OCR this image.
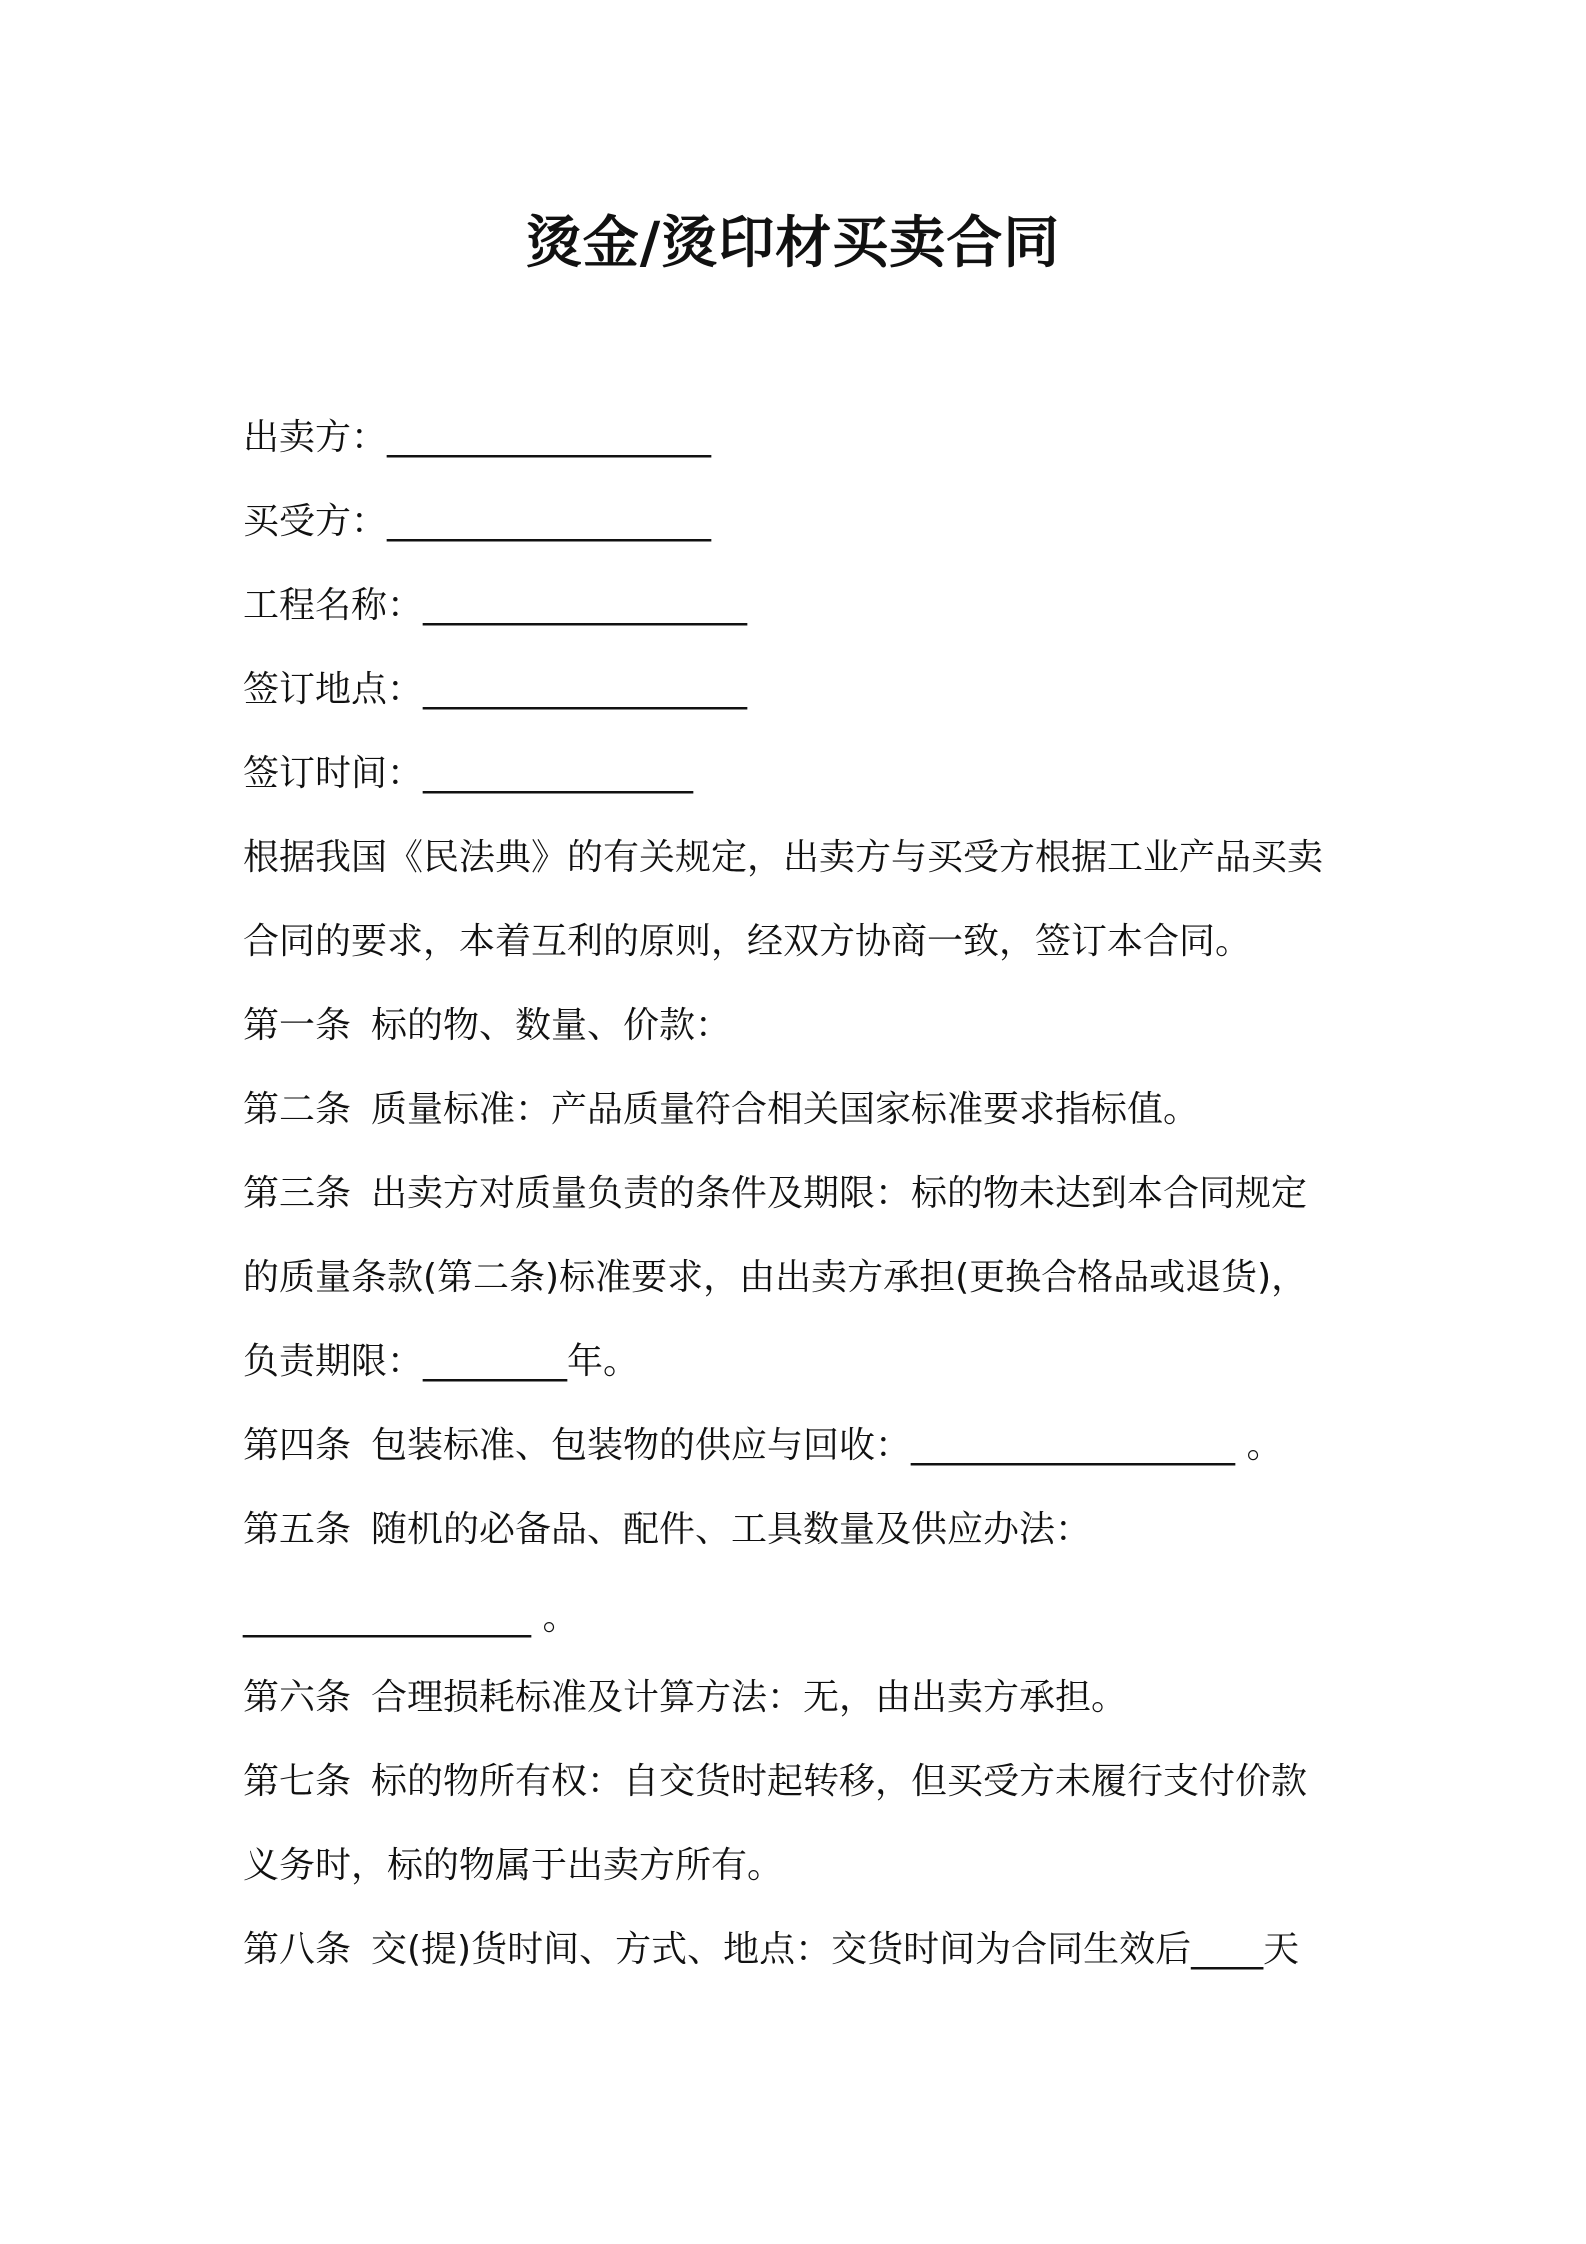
烫金/烫印材买卖合同
出卖方：__________________
买受方：__________________
工程名称：__________________
签订地点：__________________
签订时间：_______________
根据我国《民法典》的有关规定，出卖方与买受方根据工业产品买卖
合同的要求，本着互利的原则，经双方协商一致，签订本合同。
第一条 标的物、数量、价款：
第二条 质量标准：产品质量符合相关国家标准要求指标值。
第三条 出卖方对质量负责的条件及期限：标的物未达到本合同规定
的质量条款(第二条)标准要求，由出卖方承担(更换合格品或退货)，
负责期限：________年。
第四条 包装标准、包装物的供应与回收：__________________ 。
第五条 随机的必备品、配件、工具数量及供应办法：
________________ 。
第六条 合理损耗标准及计算方法：无，由出卖方承担。
第七条 标的物所有权：自交货时起转移，但买受方未履行支付价款
义务时，标的物属于出卖方所有。
第八条 交(提)货时间、方式、地点：交货时间为合同生效后____天
